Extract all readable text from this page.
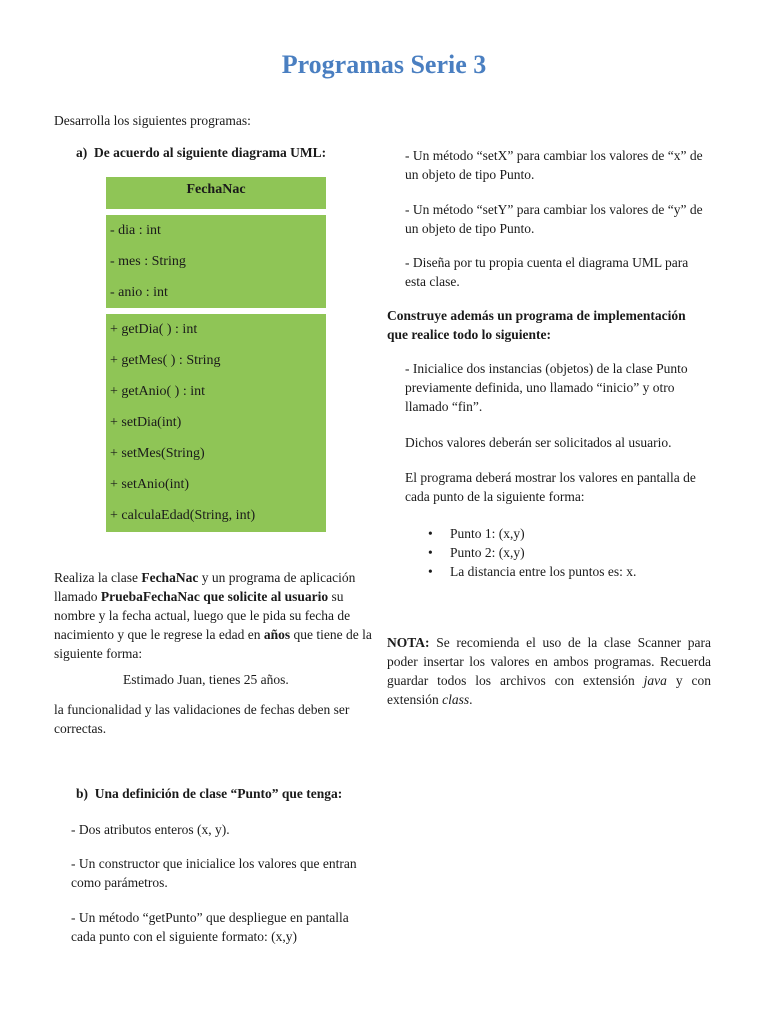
Programas Serie 3
Desarrolla los siguientes programas:
a) De acuerdo al siguiente diagrama UML:
FechaNac
- dia : int
- mes : String
- anio : int
+ getDia( ) : int
+ getMes( ) : String
+ getAnio( ) : int
+ setDia(int)
+ setMes(String)
+ setAnio(int)
+ calculaEdad(String, int)
Realiza la clase FechaNac y un programa de aplicación llamado PruebaFechaNac que solicite al usuario su nombre y la fecha actual, luego que le pida su fecha de nacimiento y que le regrese la edad en años que tiene de la siguiente forma:
Estimado Juan, tienes 25 años.
la funcionalidad y las validaciones de fechas deben ser correctas.
b) Una definición de clase “Punto” que tenga:
- Dos atributos enteros (x, y).
- Un constructor que inicialice los valores que entran como parámetros.
- Un método “getPunto” que despliegue en pantalla cada punto con el siguiente formato: (x,y)
- Un método “setX” para cambiar los valores de “x” de un objeto de tipo Punto.
- Un método “setY” para cambiar los valores de “y” de un objeto de tipo Punto.
- Diseña por tu propia cuenta el diagrama UML para esta clase.
Construye además un programa de implementación que realice todo lo siguiente:
- Inicialice dos instancias (objetos) de la clase Punto previamente definida, uno llamado “inicio” y otro llamado “fin”.
Dichos valores deberán ser solicitados al usuario.
El programa deberá mostrar los valores en pantalla de cada punto de la siguiente forma:
• Punto 1: (x,y)
• Punto 2: (x,y)
• La distancia entre los puntos es: x.
NOTA: Se recomienda el uso de la clase Scanner para poder insertar los valores en ambos programas. Recuerda guardar todos los archivos con extensión java y con extensión class.
